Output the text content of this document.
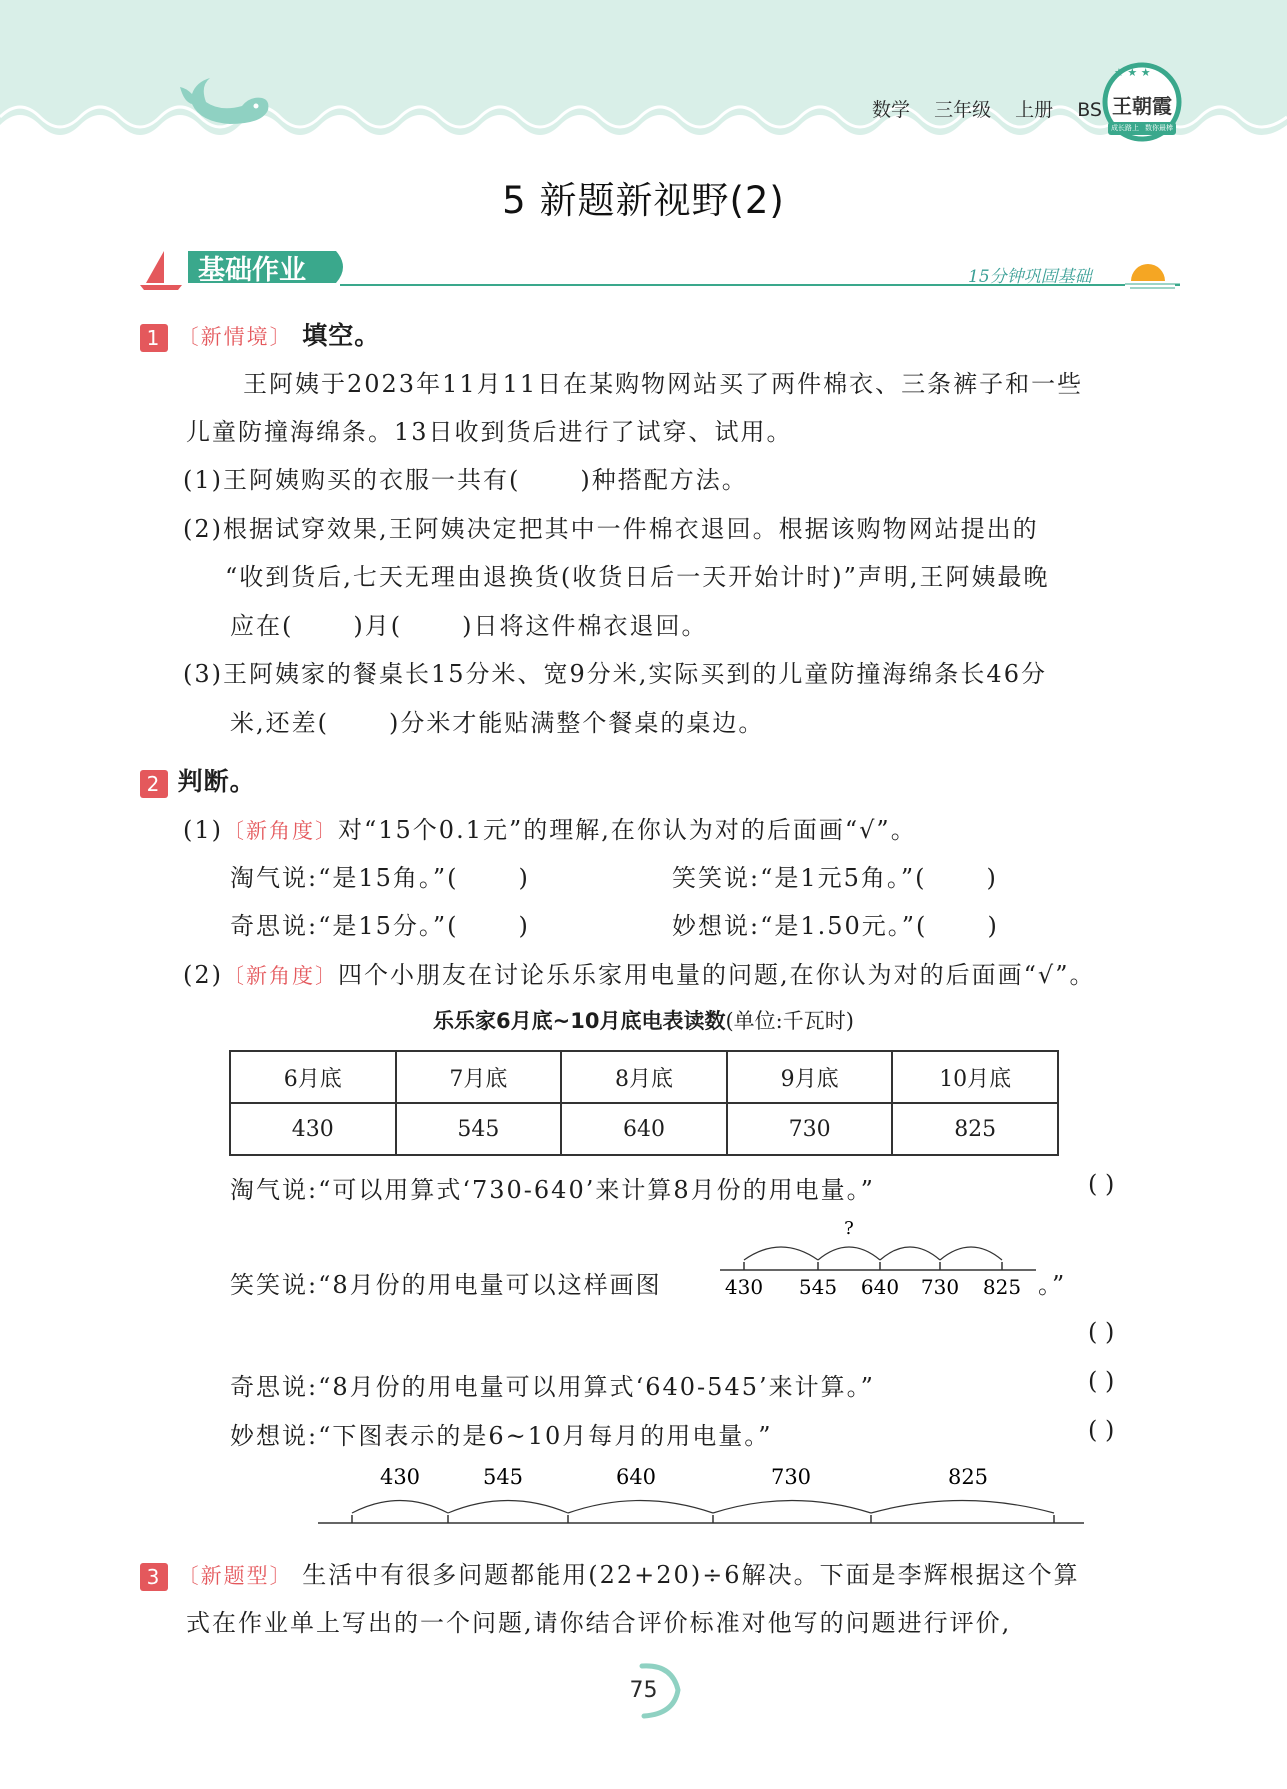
数学 三年级 上册 BS
★ ★ ★
王朝霞
成长路上 数你最棒
5 新题新视野(2)
基础作业	15分钟巩固基础
1 〔新情境〕 填空。
王阿姨于2023年11月11日在某购物网站买了两件棉衣、三条裤子和一些
儿童防撞海绵条。13日收到货后进行了试穿、试用。
(1)王阿姨购买的衣服一共有(	)种搭配方法。
(2)根据试穿效果,王阿姨决定把其中一件棉衣退回。根据该购物网站提出的
“收到货后,七天无理由退换货(收货日后一天开始计时)”声明,王阿姨最晚
应在(	)月(	)日将这件棉衣退回。
(3)王阿姨家的餐桌长15分米、宽9分米,实际买到的儿童防撞海绵条长46分
米,还差(	)分米才能贴满整个餐桌的桌边。
2 判断。
(1)〔新角度〕对“15个0.1元”的理解,在你认为对的后面画“√”。
淘气说:“是15角。”(	)	笑笑说:“是1元5角。”(	)
奇思说:“是15分。”(	)	妙想说:“是1.50元。”(	)
(2)〔新角度〕四个小朋友在讨论乐乐家用电量的问题,在你认为对的后面画“√”。
乐乐家6月底~10月底电表读数(单位:千瓦时)
6月底	7月底	8月底	9月底	10月底
430	545	640	730	825
淘气说:“可以用算式‘730-640’来计算8月份的用电量。”	( )
笑笑说:“8月份的用电量可以这样画图
?
430 545 640 730 825 。”
( )
奇思说:“8月份的用电量可以用算式‘640-545’来计算。”	( )
妙想说:“下图表示的是6~10月每月的用电量。”	( )
430	545	640	730	825
3 〔新题型〕 生活中有很多问题都能用(22+20)÷6解决。下面是李辉根据这个算
式在作业单上写出的一个问题,请你结合评价标准对他写的问题进行评价,
75
